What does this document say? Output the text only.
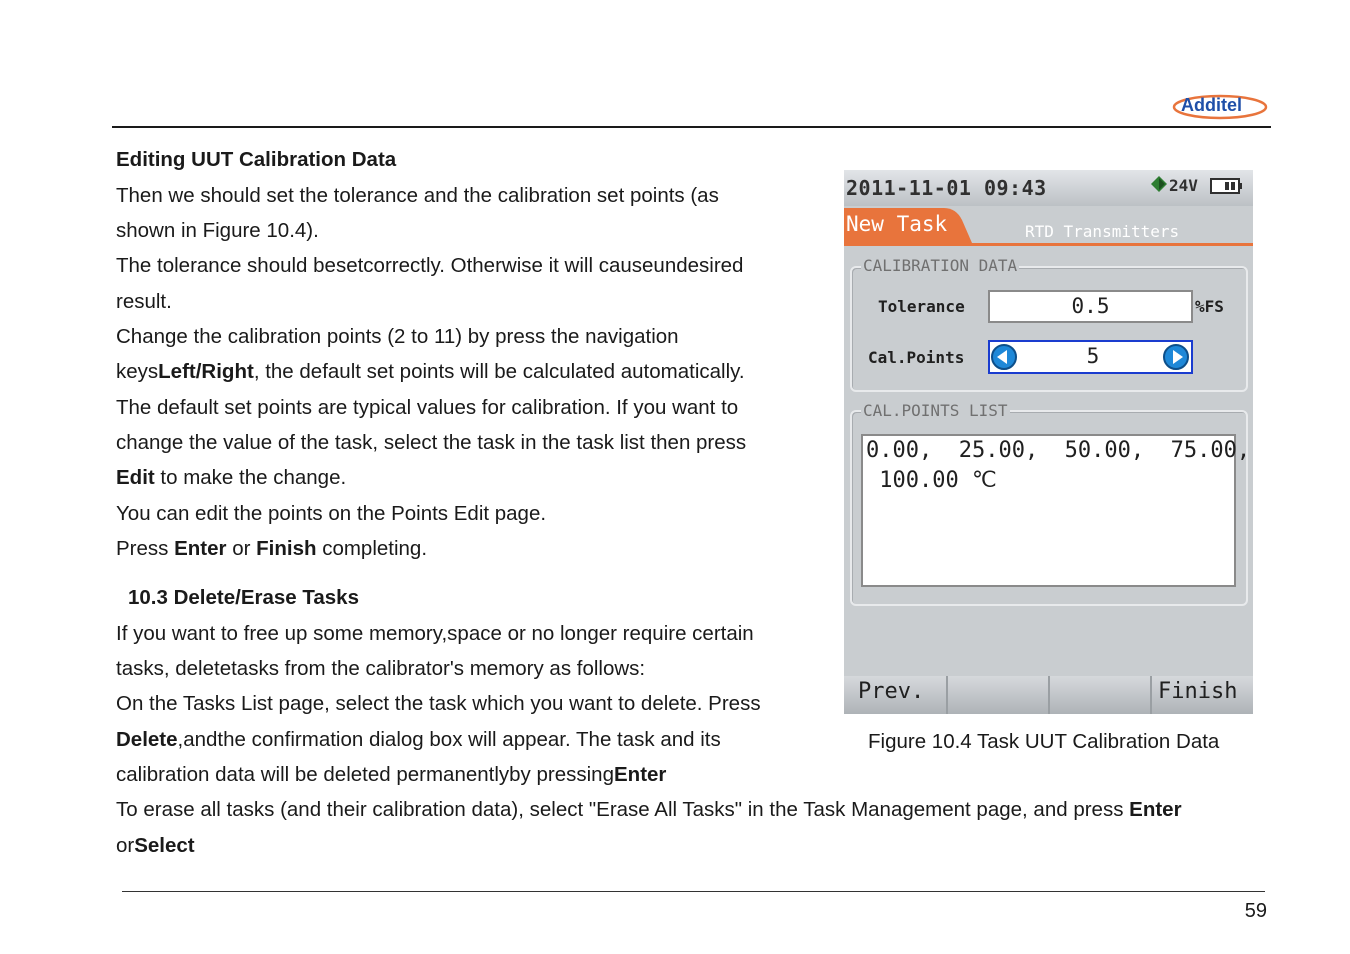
Additel
Editing UUT Calibration Data
Then we should set the tolerance and the calibration set points (as
shown in Figure 10.4).
The tolerance should besetcorrectly. Otherwise it will causeundesired
result.
Change the calibration points (2 to 11) by press the navigation
keysLeft/Right, the default set points will be calculated automatically.
The default set points are typical values for calibration. If you want to
change the value of the task, select the task in the task list then press
Edit to make the change.
You can edit the points on the Points Edit page.
Press Enter or Finish completing.
10.3 Delete/Erase Tasks
If you want to free up some memory,space or no longer require certain
tasks, deletetasks from the calibrator's memory as follows:
On the Tasks List page, select the task which you want to delete. Press
Delete,andthe confirmation dialog box will appear. The task and its
calibration data will be deleted permanentlyby pressingEnter
To erase all tasks (and their calibration data), select "Erase All Tasks" in the Task Management page, and press Enter
orSelect
2011-11-01 09:43	24V
New Task	RTD Transmitters
CALIBRATION DATA
Tolerance	0.5	%FS
Cal.Points	5
CAL.POINTS LIST
0.00,  25.00,  50.00,  75.00,
100.00 ℃
Prev.	Finish
Figure 10.4 Task UUT Calibration Data
59
